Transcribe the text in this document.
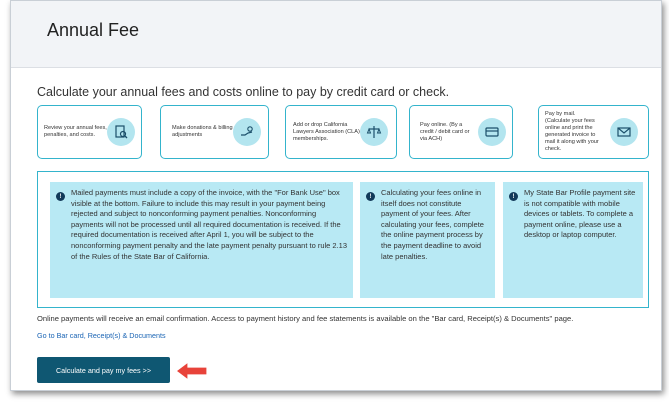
Annual Fee
Calculate your annual fees and costs online to pay by credit card or check.
Review your annual fees, penalties, and costs.
Make donations & billing adjustments
Add or drop California Lawyers Association (CLA) memberships.
Pay online. (By a credit / debit card or via ACH)
Pay by mail. (Calculate your fees online and print the generated invoice to mail it along with your check.
!	Mailed payments must include a copy of the invoice, with the "For Bank Use" box visible at the bottom. Failure to include this may result in your payment being rejected and subject to nonconforming payment penalties. Nonconforming payments will not be processed until all required documentation is received. If the required documentation is received after April 1, you will be subject to the nonconforming payment penalty and the late payment penalty pursuant to rule 2.13 of the Rules of the State Bar of California.
!	Calculating your fees online in itself does not constitute payment of your fees. After calculating your fees, complete the online payment process by the payment deadline to avoid late penalties.
!	My State Bar Profile payment site is not compatible with mobile devices or tablets. To complete a payment online, please use a desktop or laptop computer.
Online payments will receive an email confirmation. Access to payment history and fee statements is available on the "Bar card, Receipt(s) & Documents" page.
Go to Bar card, Receipt(s) & Documents
Calculate and pay my fees >>
